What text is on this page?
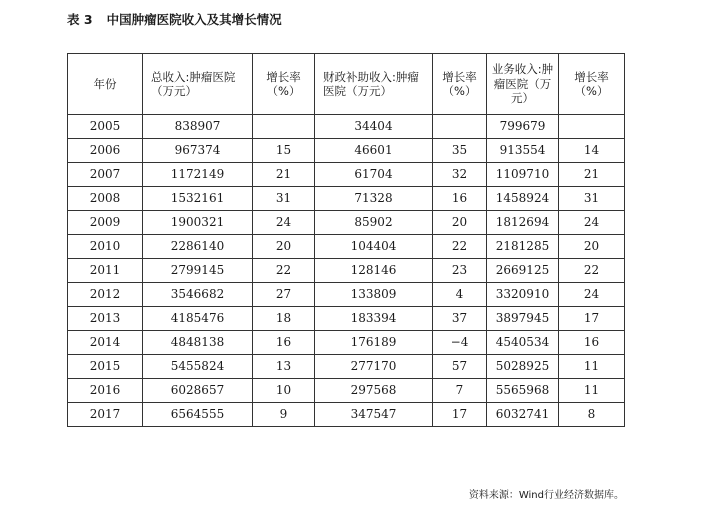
表 3 中国肿瘤医院收入及其增长情况
年份	总收入:肿瘤医院（万元）	增长率（%）	财政补助收入:肿瘤医院（万元）	增长率（%）	业务收入:肿瘤医院（万元）	增长率（%）
2005	838907		34404		799679	
2006	967374	15	46601	35	913554	14
2007	1172149	21	61704	32	1109710	21
2008	1532161	31	71328	16	1458924	31
2009	1900321	24	85902	20	1812694	24
2010	2286140	20	104404	22	2181285	20
2011	2799145	22	128146	23	2669125	22
2012	3546682	27	133809	4	3320910	24
2013	4185476	18	183394	37	3897945	17
2014	4848138	16	176189	−4	4540534	16
2015	5455824	13	277170	57	5028925	11
2016	6028657	10	297568	7	5565968	11
2017	6564555	9	347547	17	6032741	8
资料来源：Wind行业经济数据库。
